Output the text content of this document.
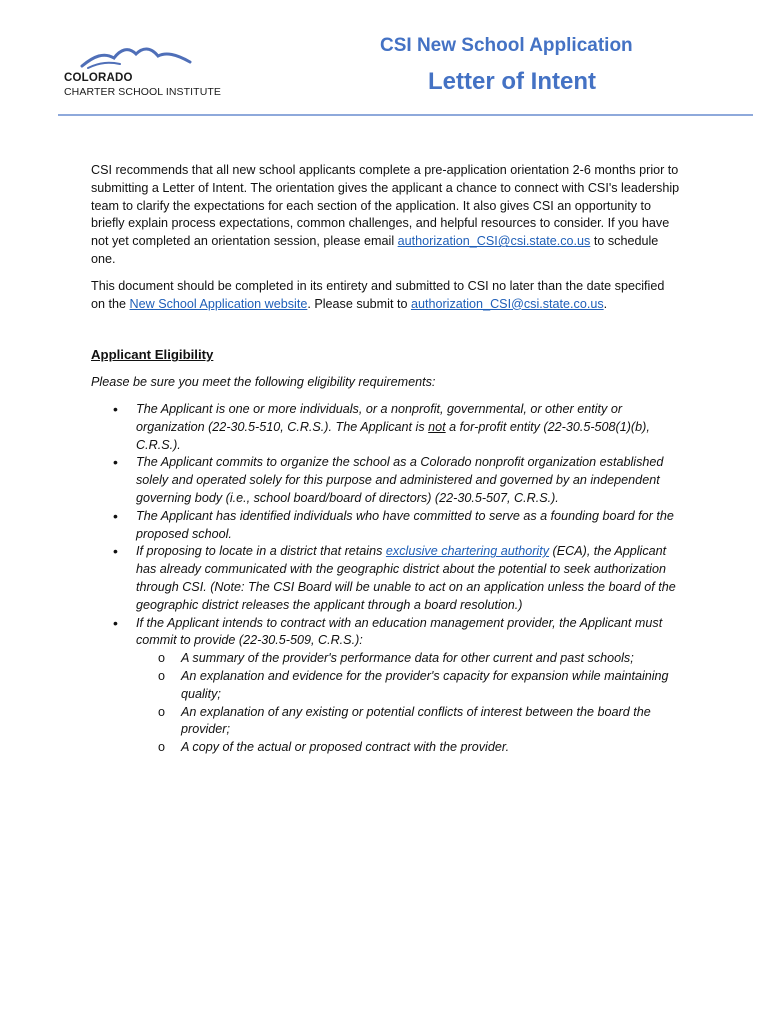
COLORADO
CHARTER SCHOOL INSTITUTE
CSI New School Application
Letter of Intent

CSI recommends that all new school applicants complete a pre-application orientation 2-6 months prior to submitting a Letter of Intent. The orientation gives the applicant a chance to connect with CSI's leadership team to clarify the expectations for each section of the application. It also gives CSI an opportunity to briefly explain process expectations, common challenges, and helpful resources to consider. If you have not yet completed an orientation session, please email authorization_CSI@csi.state.co.us to schedule one.

This document should be completed in its entirety and submitted to CSI no later than the date specified on the New School Application website. Please submit to authorization_CSI@csi.state.co.us.

Applicant Eligibility

Please be sure you meet the following eligibility requirements:

• The Applicant is one or more individuals, or a nonprofit, governmental, or other entity or organization (22-30.5-510, C.R.S.). The Applicant is not a for-profit entity (22-30.5-508(1)(b), C.R.S.).
• The Applicant commits to organize the school as a Colorado nonprofit organization established solely and operated solely for this purpose and administered and governed by an independent governing body (i.e., school board/board of directors) (22-30.5-507, C.R.S.).
• The Applicant has identified individuals who have committed to serve as a founding board for the proposed school.
• If proposing to locate in a district that retains exclusive chartering authority (ECA), the Applicant has already communicated with the geographic district about the potential to seek authorization through CSI. (Note: The CSI Board will be unable to act on an application unless the board of the geographic district releases the applicant through a board resolution.)
• If the Applicant intends to contract with an education management provider, the Applicant must commit to provide (22-30.5-509, C.R.S.):
o A summary of the provider's performance data for other current and past schools;
o An explanation and evidence for the provider's capacity for expansion while maintaining quality;
o An explanation of any existing or potential conflicts of interest between the board the provider;
o A copy of the actual or proposed contract with the provider.
